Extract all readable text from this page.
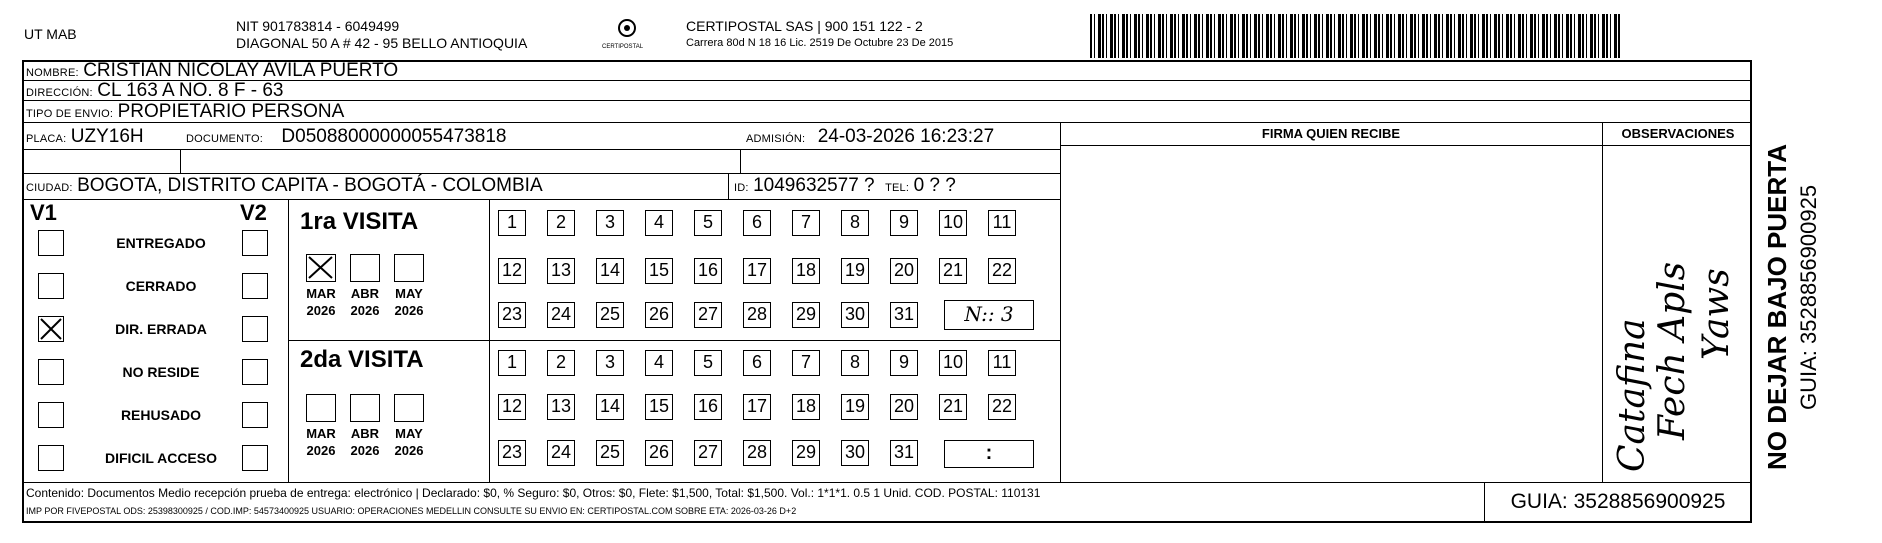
UT MAB	NIT 901783814 - 6049499
DIAGONAL 50 A # 42 - 95 BELLO ANTIOQUIA	CERTIPOSTAL
CERTIPOSTAL SAS | 900 151 122 - 2
Carrera 80d N 18 16 Lic. 2519 De Octubre 23 De 2015
NOMBRE: CRISTIAN NICOLAY AVILA PUERTO
DIRECCIÓN: CL 163 A NO. 8 F - 63
TIPO DE ENVIO: PROPIETARIO PERSONA
PLACA: UZY16H	DOCUMENTO: D05088000000055473818	ADMISIÓN: 24-03-2026 16:23:27
CIUDAD: BOGOTA, DISTRITO CAPITA - BOGOTÁ - COLOMBIA	ID: 1049632577 ? TEL: 0 ? ?
FIRMA QUIEN RECIBE	OBSERVACIONES
Catafina Fech Apls Yaws
V1	V2 1ra VISITA
N:: 3
2da VISITA
:
Contenido: Documentos Medio recepción prueba de entrega: electrónico | Declarado: $0, % Seguro: $0, Otros: $0, Flete: $1,500, Total: $1,500. Vol.: 1*1*1. 0.5 1 Unid. COD. POSTAL: 110131
IMP POR FIVEPOSTAL ODS: 25398300925 / COD.IMP: 54573400925 USUARIO: OPERACIONES MEDELLIN CONSULTE SU ENVIO EN: CERTIPOSTAL.COM SOBRE ETA: 2026-03-26 D+2	GUIA: 3528856900925
NO DEJAR BAJO PUERTA GUIA: 3528856900925
ENTREGADO
CERRADO
DIR. ERRADA
NO RESIDE
REHUSADO
DIFICIL ACCESO
MAR
2026
ABR
2026
MAY
2026
MAR
2026
ABR
2026
MAY
2026
1	2	3	4	5	6	7	8	9	10 11
12 13 14 15 16 17 18 19 20 21 22
23 24 25 26 27 28 29 30 31
1	2	3	4	5	6	7	8	9	10 11
12 13 14 15 16 17 18 19 20 21 22
23 24 25 26 27 28 29 30 31
